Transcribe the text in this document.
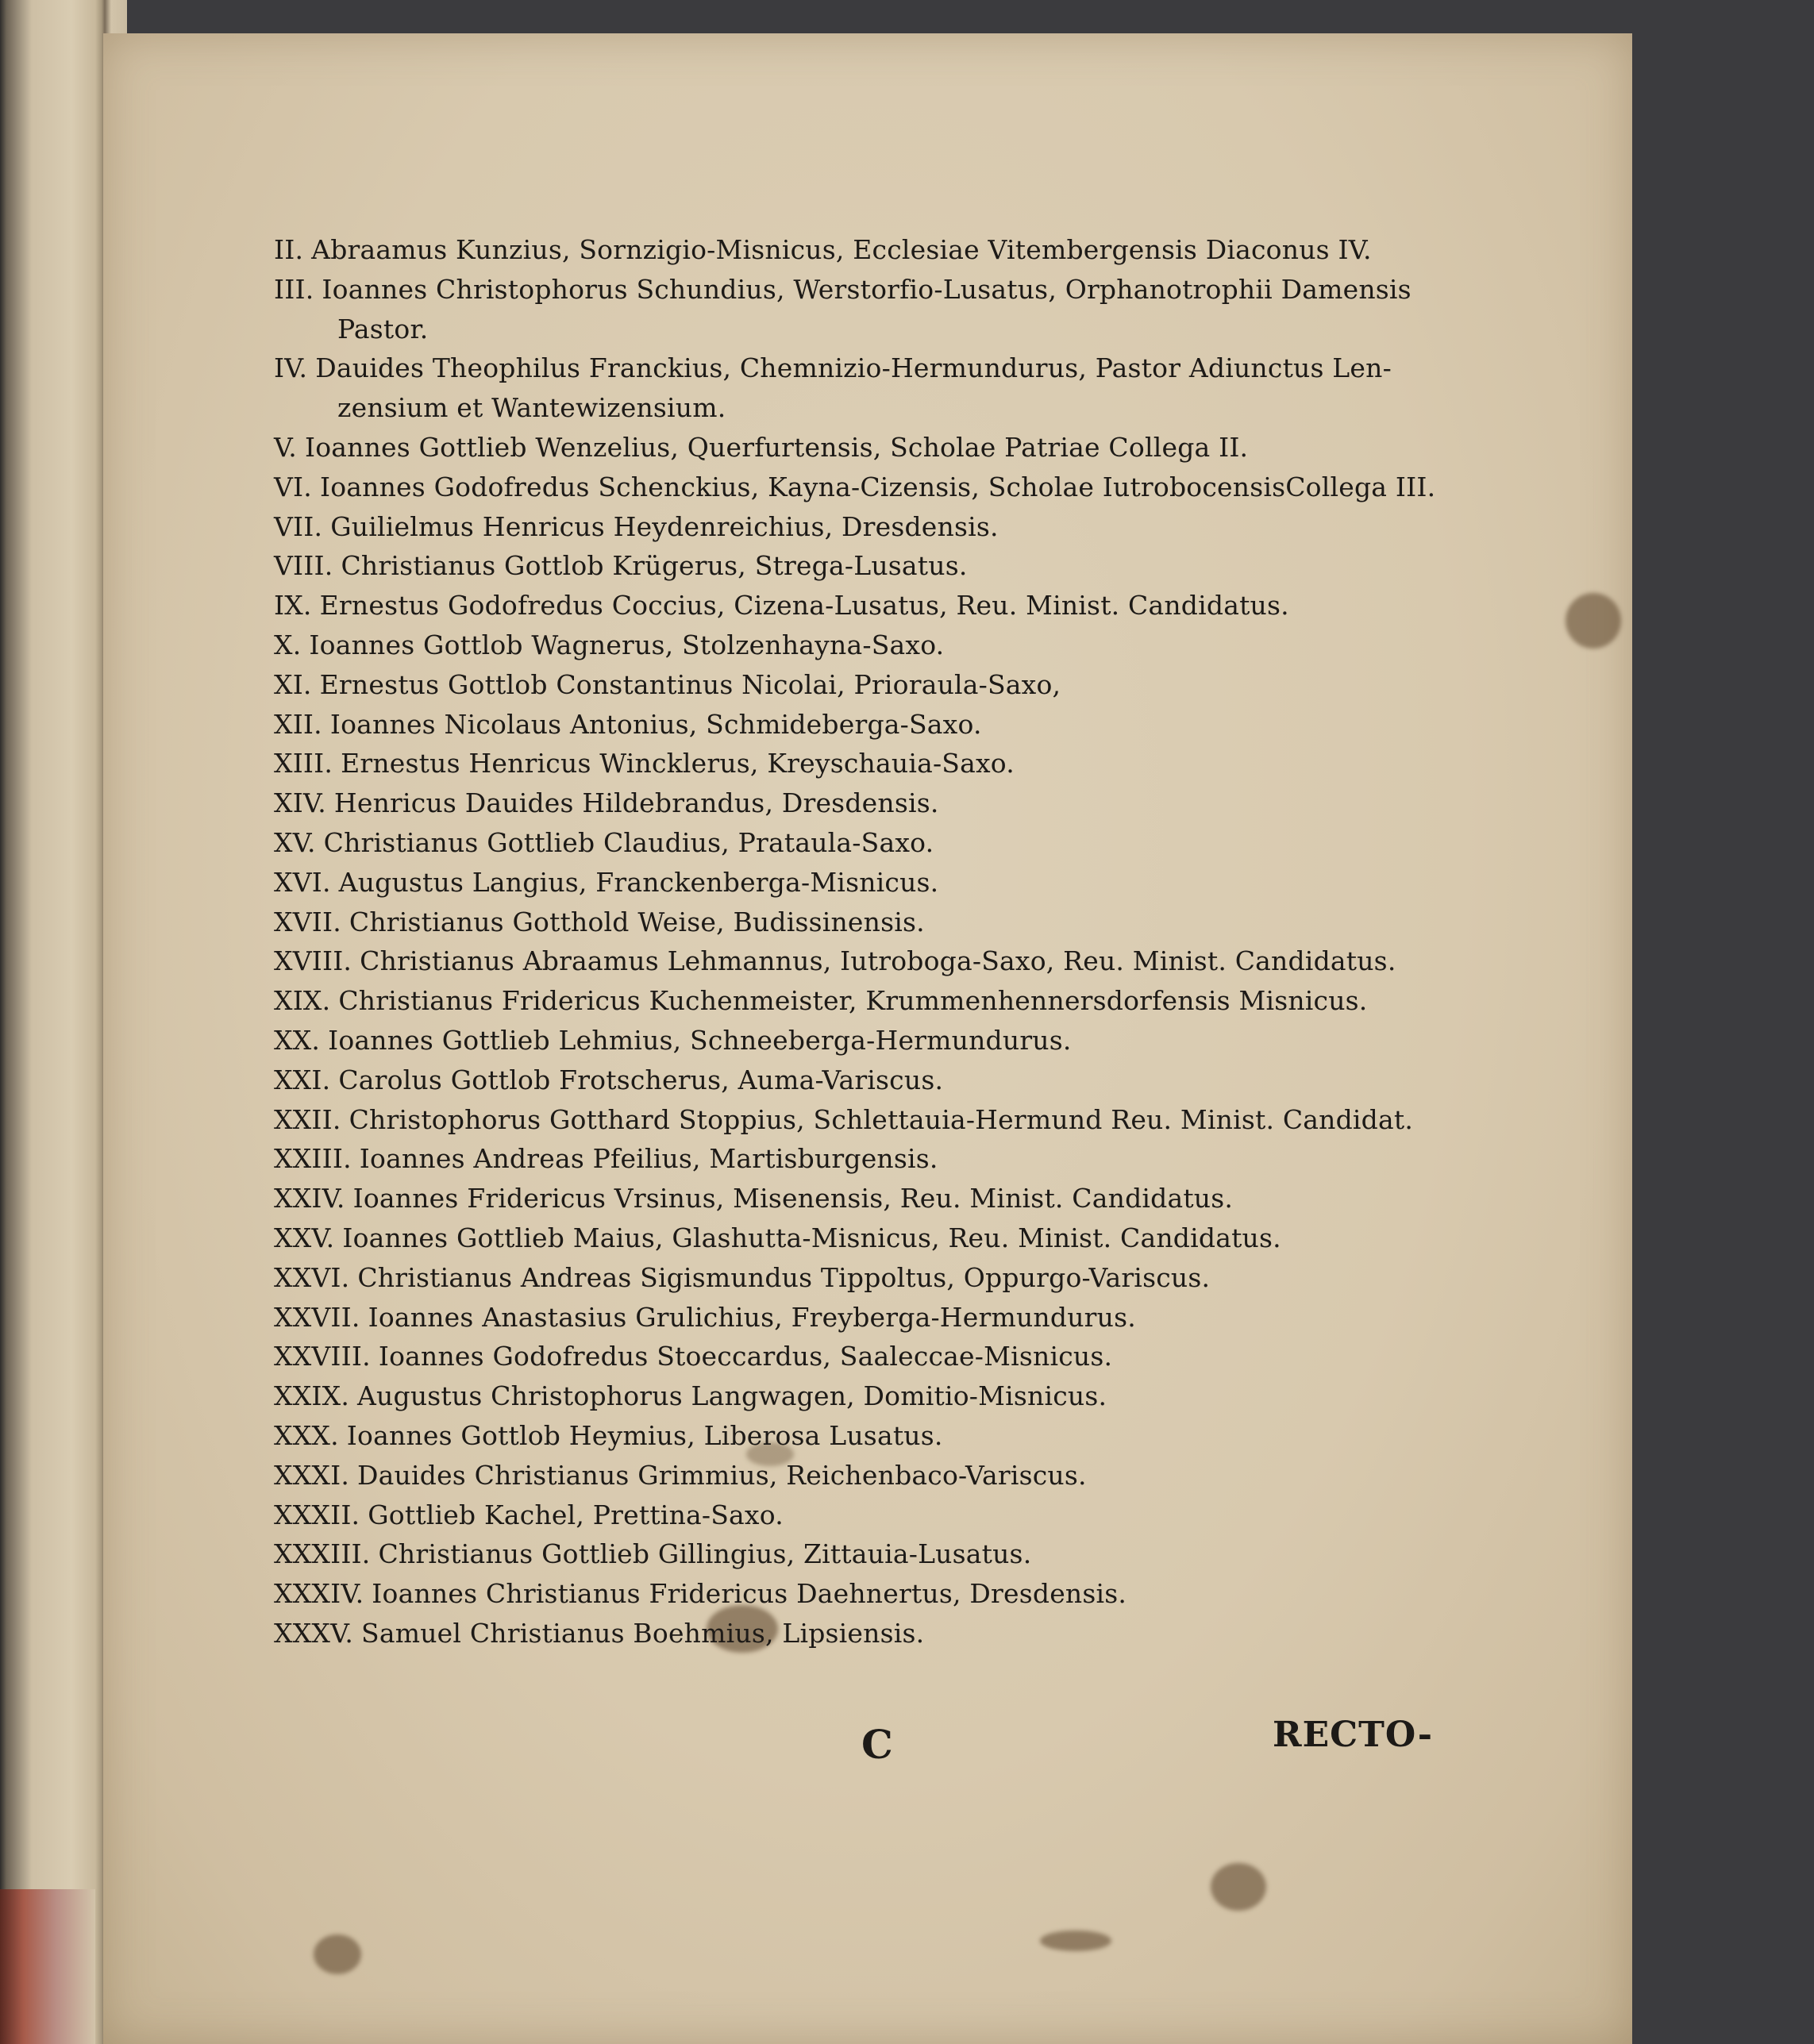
II. Abraamus Kunzius, Sornzigio-Misnicus, Ecclesiae Vitembergensis Diaconus IV.
III. Ioannes Christophorus Schundius, Werstorfio-Lusatus, Orphanotrophii Damensis
Pastor.
IV. Dauides Theophilus Franckius, Chemnizio-Hermundurus, Pastor Adiunctus Len-
zensium et Wantewizensium.
V. Ioannes Gottlieb Wenzelius, Querfurtensis, Scholae Patriae Collega II.
VI. Ioannes Godofredus Schenckius, Kayna-Cizensis, Scholae IutrobocensisCollega III.
VII. Guilielmus Henricus Heydenreichius, Dresdensis.
VIII. Christianus Gottlob Krügerus, Strega-Lusatus.
IX. Ernestus Godofredus Coccius, Cizena-Lusatus, Reu. Minist. Candidatus.
X. Ioannes Gottlob Wagnerus, Stolzenhayna-Saxo.
XI. Ernestus Gottlob Constantinus Nicolai, Prioraula-Saxo,
XII. Ioannes Nicolaus Antonius, Schmideberga-Saxo.
XIII. Ernestus Henricus Wincklerus, Kreyschauia-Saxo.
XIV. Henricus Dauides Hildebrandus, Dresdensis.
XV. Christianus Gottlieb Claudius, Prataula-Saxo.
XVI. Augustus Langius, Franckenberga-Misnicus.
XVII. Christianus Gotthold Weise, Budissinensis.
XVIII. Christianus Abraamus Lehmannus, Iutroboga-Saxo, Reu. Minist. Candidatus.
XIX. Christianus Fridericus Kuchenmeister, Krummenhennersdorfensis Misnicus.
XX. Ioannes Gottlieb Lehmius, Schneeberga-Hermundurus.
XXI. Carolus Gottlob Frotscherus, Auma-Variscus.
XXII. Christophorus Gotthard Stoppius, Schlettauia-Hermund Reu. Minist. Candidat.
XXIII. Ioannes Andreas Pfeilius, Martisburgensis.
XXIV. Ioannes Fridericus Vrsinus, Misenensis, Reu. Minist. Candidatus.
XXV. Ioannes Gottlieb Maius, Glashutta-Misnicus, Reu. Minist. Candidatus.
XXVI. Christianus Andreas Sigismundus Tippoltus, Oppurgo-Variscus.
XXVII. Ioannes Anastasius Grulichius, Freyberga-Hermundurus.
XXVIII. Ioannes Godofredus Stoeccardus, Saaleccae-Misnicus.
XXIX. Augustus Christophorus Langwagen, Domitio-Misnicus.
XXX. Ioannes Gottlob Heymius, Liberosa Lusatus.
XXXI. Dauides Christianus Grimmius, Reichenbaco-Variscus.
XXXII. Gottlieb Kachel, Prettina-Saxo.
XXXIII. Christianus Gottlieb Gillingius, Zittauia-Lusatus.
XXXIV. Ioannes Christianus Fridericus Daehnertus, Dresdensis.
XXXV. Samuel Christianus Boehmius, Lipsiensis.
C	RECTO-
